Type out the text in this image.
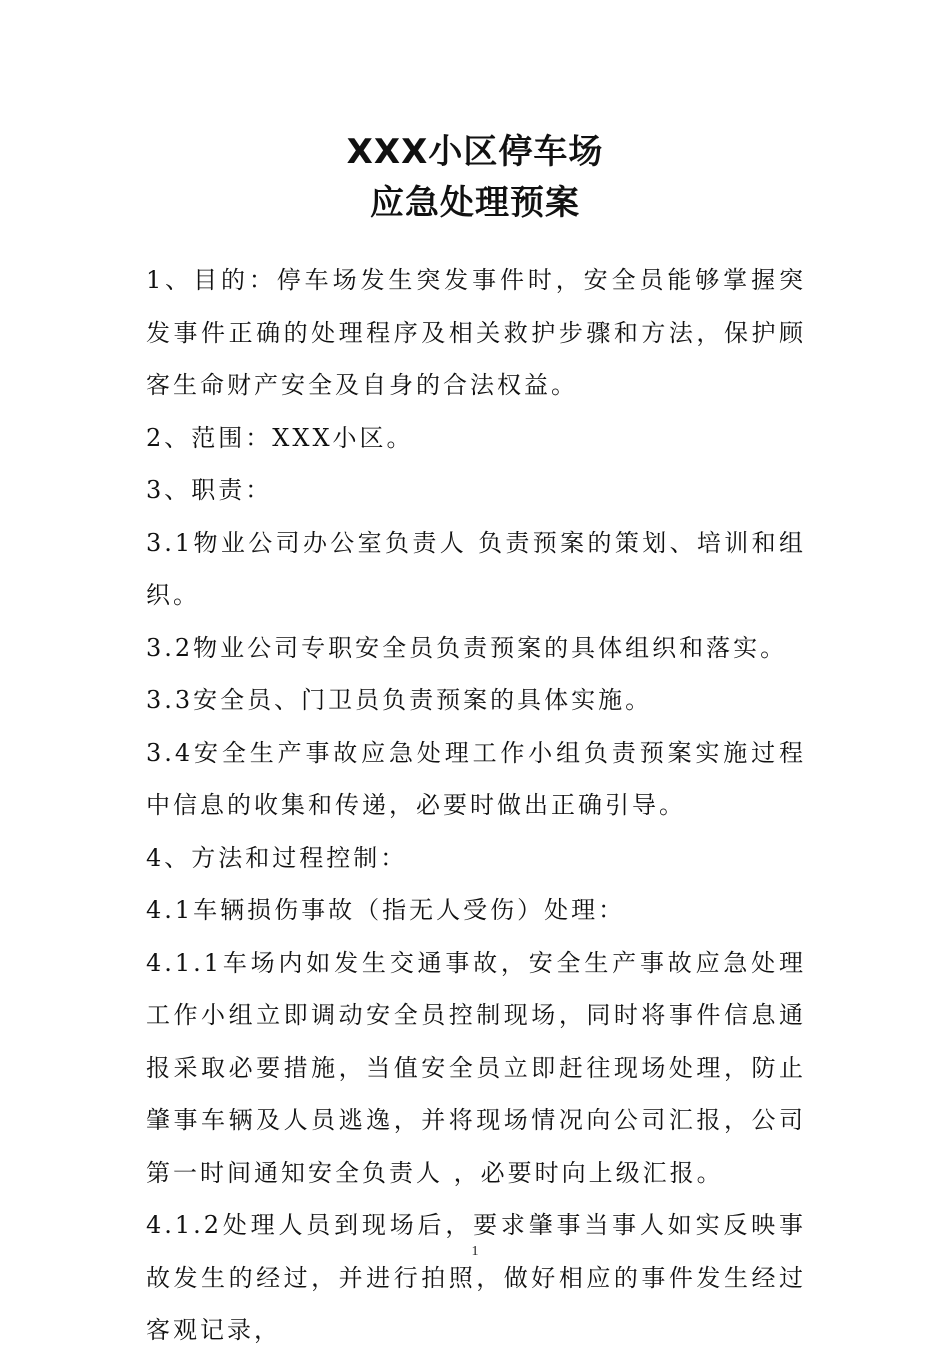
XXX小区停车场
应急处理预案

1、目的：停车场发生突发事件时，安全员能够掌握突发事件正确的处理程序及相关救护步骤和方法，保护顾客生命财产安全及自身的合法权益。

2、范围：XXX小区。

3、职责：

3.1物业公司办公室负责人 负责预案的策划、培训和组织。

3.2物业公司专职安全员负责预案的具体组织和落实。

3.3安全员、门卫员负责预案的具体实施。

3.4安全生产事故应急处理工作小组负责预案实施过程中信息的收集和传递，必要时做出正确引导。

4、方法和过程控制：

4.1车辆损伤事故（指无人受伤）处理：

4.1.1车场内如发生交通事故，安全生产事故应急处理工作小组立即调动安全员控制现场，同时将事件信息通报采取必要措施，当值安全员立即赶往现场处理，防止肇事车辆及人员逃逸，并将现场情况向公司汇报，公司第一时间通知安全负责人 ，必要时向上级汇报。

4.1.2处理人员到现场后，要求肇事当事人如实反映事故发生的经过，并进行拍照，做好相应的事件发生经过客观记录，

1
